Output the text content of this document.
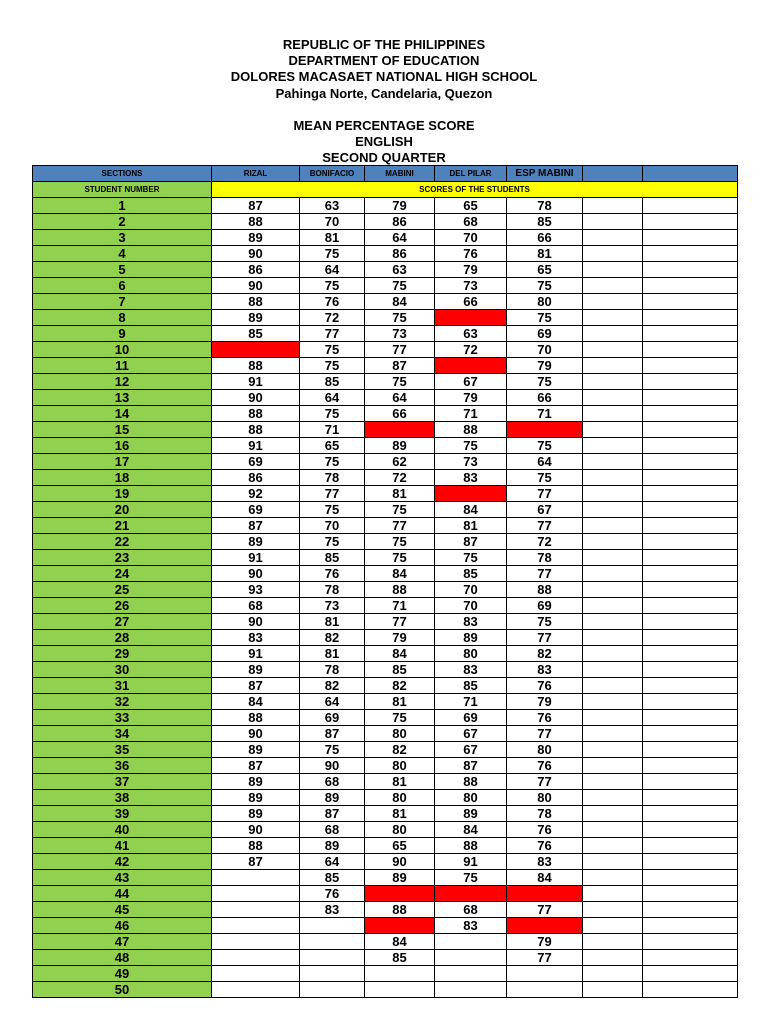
REPUBLIC OF THE PHILIPPINES
DEPARTMENT OF EDUCATION
DOLORES MACASAET NATIONAL HIGH SCHOOL
Pahinga Norte, Candelaria, Quezon
MEAN PERCENTAGE SCORE
ENGLISH
SECOND QUARTER
SECTIONS	RIZAL	BONIFACIO	MABINI	DEL PILAR	ESP MABINI		
STUDENT NUMBER	SCORES OF THE STUDENTS						
1	87	63	79	65	78		
2	88	70	86	68	85		
3	89	81	64	70	66		
4	90	75	86	76	81		
5	86	64	63	79	65		
6	90	75	75	73	75		
7	88	76	84	66	80		
8	89	72	75		75		
9	85	77	73	63	69		
10		75	77	72	70		
11	88	75	87		79		
12	91	85	75	67	75		
13	90	64	64	79	66		
14	88	75	66	71	71		
15	88	71		88			
16	91	65	89	75	75		
17	69	75	62	73	64		
18	86	78	72	83	75		
19	92	77	81		77		
20	69	75	75	84	67		
21	87	70	77	81	77		
22	89	75	75	87	72		
23	91	85	75	75	78		
24	90	76	84	85	77		
25	93	78	88	70	88		
26	68	73	71	70	69		
27	90	81	77	83	75		
28	83	82	79	89	77		
29	91	81	84	80	82		
30	89	78	85	83	83		
31	87	82	82	85	76		
32	84	64	81	71	79		
33	88	69	75	69	76		
34	90	87	80	67	77		
35	89	75	82	67	80		
36	87	90	80	87	76		
37	89	68	81	88	77		
38	89	89	80	80	80		
39	89	87	81	89	78		
40	90	68	80	84	76		
41	88	89	65	88	76		
42	87	64	90	91	83		
43		85	89	75	84		
44		76					
45		83	88	68	77		
46				83			
47			84		79		
48			85		77		
49							
50							
